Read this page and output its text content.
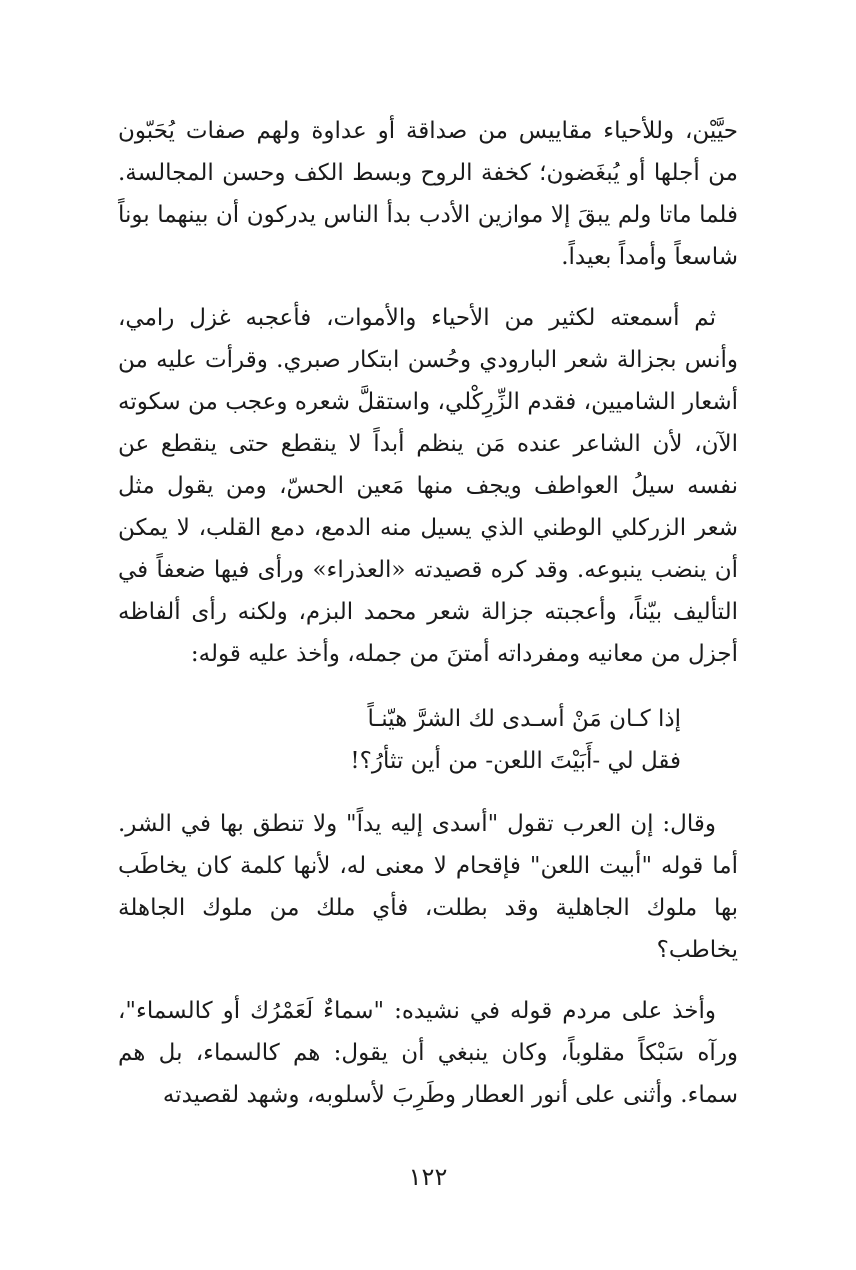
حيَّيْن، وللأحياء مقاييس من صداقة أو عداوة ولهم صفات يُحَبّون من أجلها أو يُبغَضون؛ كخفة الروح وبسط الكف وحسن المجالسة. فلما ماتا ولم يبقَ إلا موازين الأدب بدأ الناس يدركون أن بينهما بوناً شاسعاً وأمداً بعيداً.

ثم أسمعته لكثير من الأحياء والأموات، فأعجبه غزل رامي، وأنس بجزالة شعر البارودي وحُسن ابتكار صبري. وقرأت عليه من أشعار الشاميين، فقدم الزِّرِكْلي، واستقلَّ شعره وعجب من سكوته الآن، لأن الشاعر عنده مَن ينظم أبداً لا ينقطع حتى ينقطع عن نفسه سيلُ العواطف ويجف منها مَعين الحسّ، ومن يقول مثل شعر الزركلي الوطني الذي يسيل منه الدمع، دمع القلب، لا يمكن أن ينضب ينبوعه. وقد كره قصيدته «العذراء» ورأى فيها ضعفاً في التأليف بيّناً، وأعجبته جزالة شعر محمد البزم، ولكنه رأى ألفاظه أجزل من معانيه ومفرداته أمتنَ من جمله، وأخذ عليه قوله:

إذا كـان مَنْ أسـدى لك الشرَّ هيّنـاً
فقل لي -أَبَيْتَ اللعن- من أين تثأرُ؟!

وقال: إن العرب تقول "أسدى إليه يداً" ولا تنطق بها في الشر. أما قوله "أبيت اللعن" فإقحام لا معنى له، لأنها كلمة كان يخاطَب بها ملوك الجاهلية وقد بطلت، فأي ملك من ملوك الجاهلة يخاطب؟

وأخذ على مردم قوله في نشيده: "سماءٌ لَعَمْرُك أو كالسماء"، ورآه سَبْكاً مقلوباً، وكان ينبغي أن يقول: هم كالسماء، بل هم سماء. وأثنى على أنور العطار وطَرِبَ لأسلوبه، وشهد لقصيدته

١٢٢
